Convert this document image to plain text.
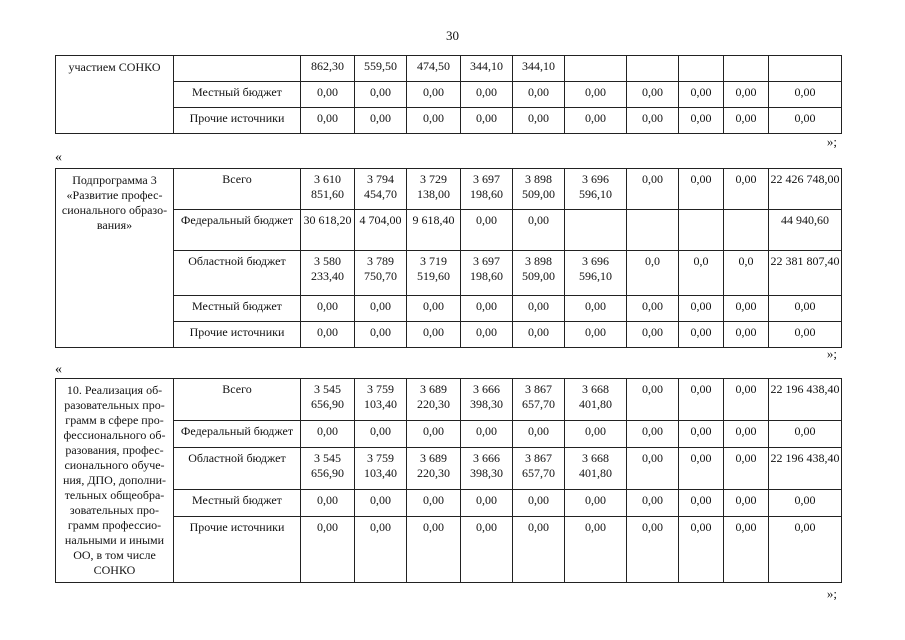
30
участием СОНКО		862,30	559,50	474,50	344,10	344,10					
	Местный бюджет	0,00	0,00	0,00	0,00	0,00	0,00	0,00	0,00	0,00	0,00
	Прочие источники	0,00	0,00	0,00	0,00	0,00	0,00	0,00	0,00	0,00	0,00
»;
«
Подпрограмма 3 «Развитие профес-сионального образо-вания»	Всего	3 610 851,60	3 794 454,70	3 729 138,00	3 697 198,60	3 898 509,00	3 696 596,10	0,00	0,00	0,00	22 426 748,00
	Федеральный бюджет	30 618,20	4 704,00	9 618,40	0,00	0,00					44 940,60
	Областной бюджет	3 580 233,40	3 789 750,70	3 719 519,60	3 697 198,60	3 898 509,00	3 696 596,10	0,0	0,0	0,0	22 381 807,40
	Местный бюджет	0,00	0,00	0,00	0,00	0,00	0,00	0,00	0,00	0,00	0,00
	Прочие источники	0,00	0,00	0,00	0,00	0,00	0,00	0,00	0,00	0,00	0,00
»;
«
10. Реализация об-разовательных про-грамм в сфере про-фессионального об-разования, профес-сионального обуче-ния, ДПО, дополни-тельных общеобра-зовательных про-грамм профессио-нальными и иными ОО, в том числе СОНКО	Всего	3 545 656,90	3 759 103,40	3 689 220,30	3 666 398,30	3 867 657,70	3 668 401,80	0,00	0,00	0,00	22 196 438,40
	Федеральный бюджет	0,00	0,00	0,00	0,00	0,00	0,00	0,00	0,00	0,00	0,00
	Областной бюджет	3 545 656,90	3 759 103,40	3 689 220,30	3 666 398,30	3 867 657,70	3 668 401,80	0,00	0,00	0,00	22 196 438,40
	Местный бюджет	0,00	0,00	0,00	0,00	0,00	0,00	0,00	0,00	0,00	0,00
	Прочие источники	0,00	0,00	0,00	0,00	0,00	0,00	0,00	0,00	0,00	0,00
»;
